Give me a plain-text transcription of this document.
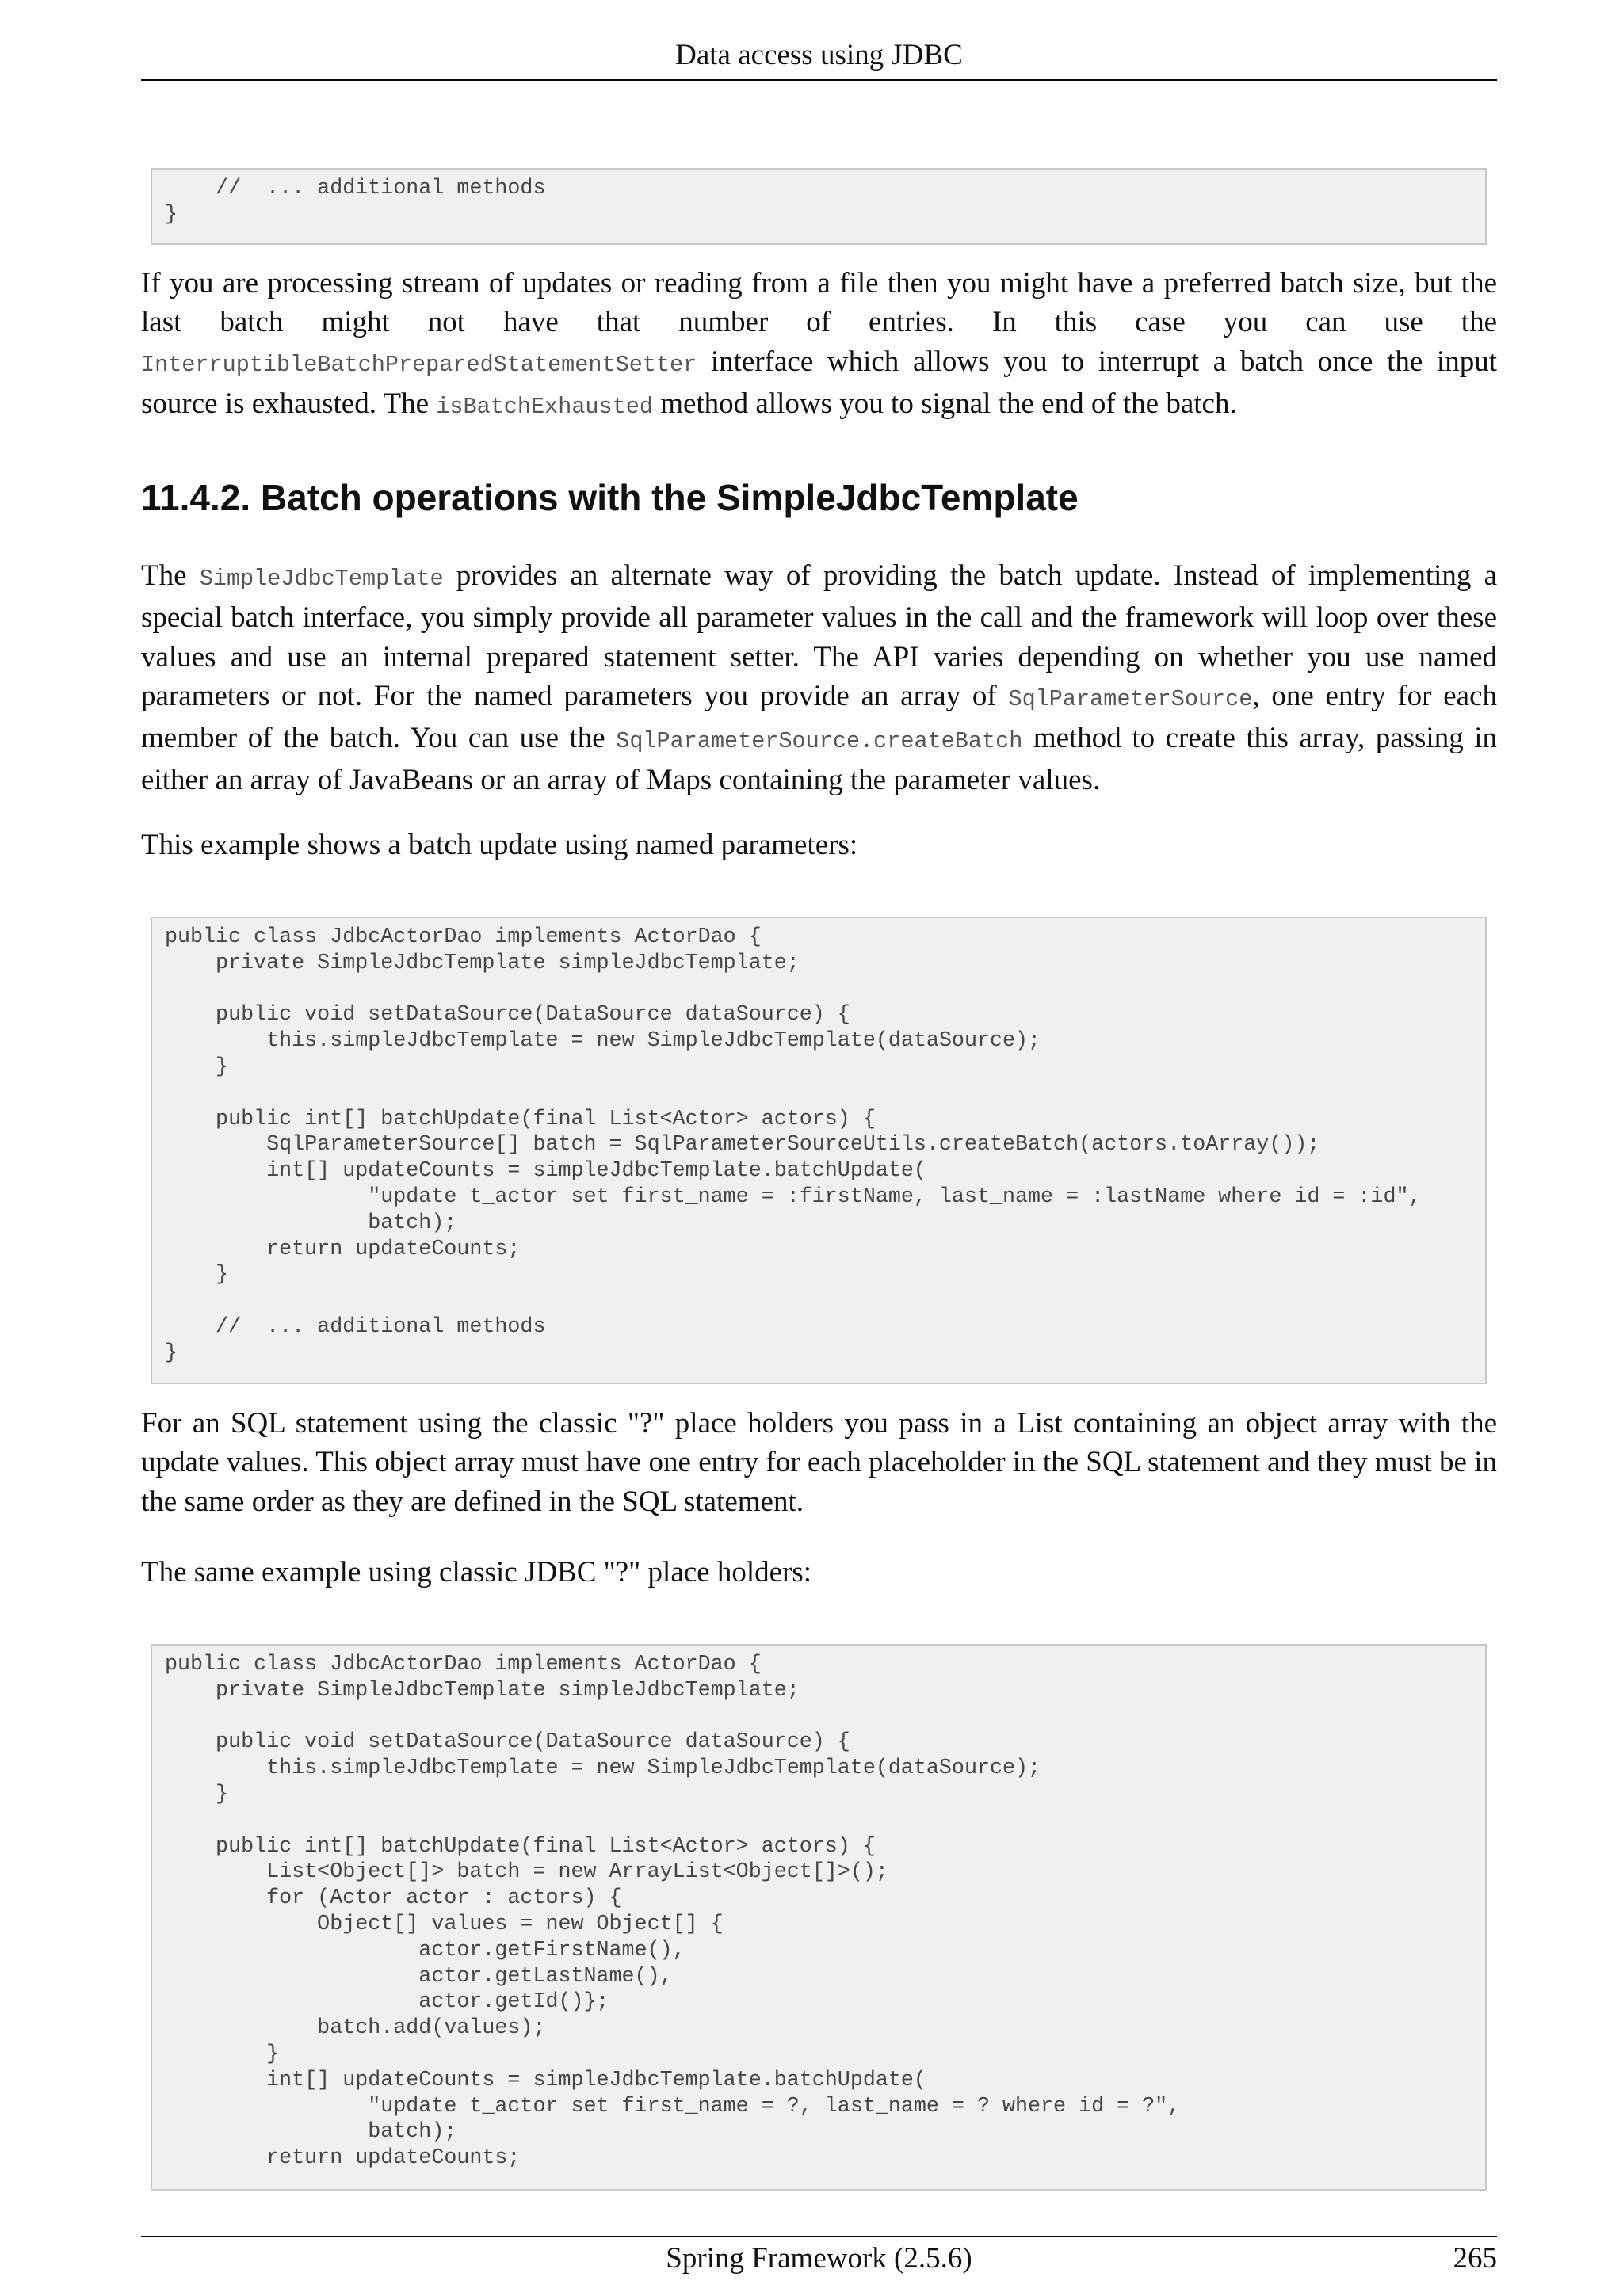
Data access using JDBC
//  ... additional methods
}

If you are processing stream of updates or reading from a file then you might have a preferred batch size, but the last batch might not have that number of entries. In this case you can use the InterruptibleBatchPreparedStatementSetter interface which allows you to interrupt a batch once the input source is exhausted. The isBatchExhausted method allows you to signal the end of the batch.

11.4.2. Batch operations with the SimpleJdbcTemplate

The SimpleJdbcTemplate provides an alternate way of providing the batch update. Instead of implementing a special batch interface, you simply provide all parameter values in the call and the framework will loop over these values and use an internal prepared statement setter. The API varies depending on whether you use named parameters or not. For the named parameters you provide an array of SqlParameterSource, one entry for each member of the batch. You can use the SqlParameterSource.createBatch method to create this array, passing in either an array of JavaBeans or an array of Maps containing the parameter values.

This example shows a batch update using named parameters:

public class JdbcActorDao implements ActorDao {
private SimpleJdbcTemplate simpleJdbcTemplate;

public void setDataSource(DataSource dataSource) {
this.simpleJdbcTemplate = new SimpleJdbcTemplate(dataSource);
}

public int[] batchUpdate(final List<Actor> actors) {
SqlParameterSource[] batch = SqlParameterSourceUtils.createBatch(actors.toArray());
int[] updateCounts = simpleJdbcTemplate.batchUpdate(
"update t_actor set first_name = :firstName, last_name = :lastName where id = :id",
batch);
return updateCounts;
}

//  ... additional methods
}

For an SQL statement using the classic "?" place holders you pass in a List containing an object array with the update values. This object array must have one entry for each placeholder in the SQL statement and they must be in the same order as they are defined in the SQL statement.

The same example using classic JDBC "?" place holders:

public class JdbcActorDao implements ActorDao {
private SimpleJdbcTemplate simpleJdbcTemplate;

public void setDataSource(DataSource dataSource) {
this.simpleJdbcTemplate = new SimpleJdbcTemplate(dataSource);
}

public int[] batchUpdate(final List<Actor> actors) {
List<Object[]> batch = new ArrayList<Object[]>();
for (Actor actor : actors) {
Object[] values = new Object[] {
actor.getFirstName(),
actor.getLastName(),
actor.getId()};
batch.add(values);
}
int[] updateCounts = simpleJdbcTemplate.batchUpdate(
"update t_actor set first_name = ?, last_name = ? where id = ?",
batch);
return updateCounts;
Spring Framework (2.5.6)	265
